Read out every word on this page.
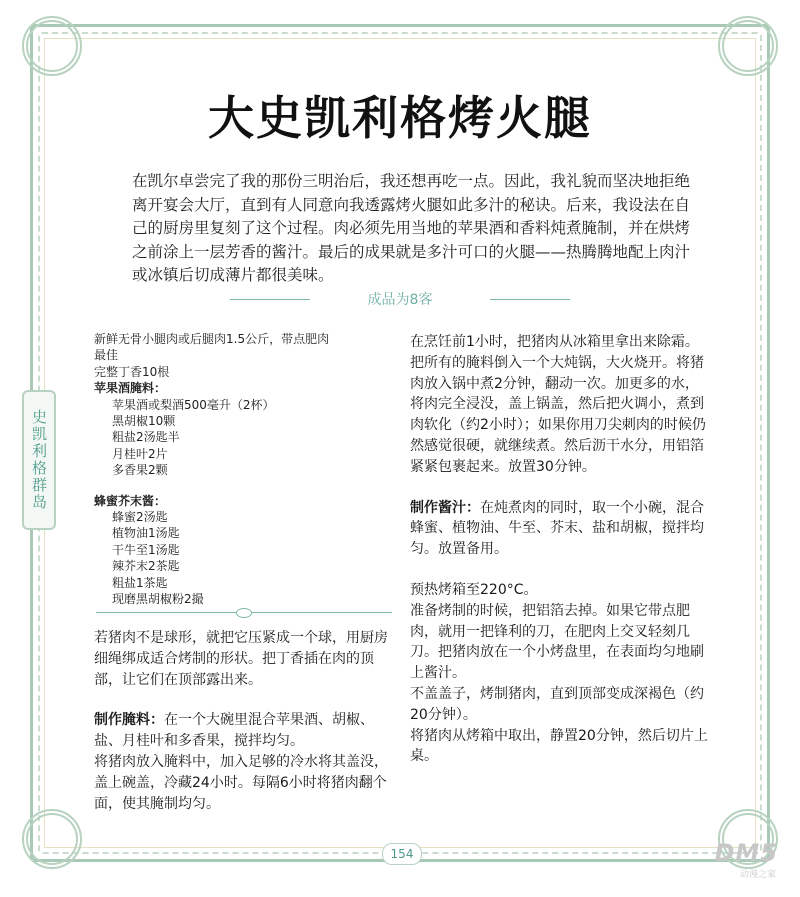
史凯利格群岛
大史凯利格烤火腿
在凯尔卓尝完了我的那份三明治后，我还想再吃一点。因此，我礼貌而坚决地拒绝离开宴会大厅，直到有人同意向我透露烤火腿如此多汁的秘诀。后来，我设法在自己的厨房里复刻了这个过程。肉必须先用当地的苹果酒和香料炖煮腌制，并在烘烤之前涂上一层芳香的酱汁。最后的成果就是多汁可口的火腿——热腾腾地配上肉汁或冰镇后切成薄片都很美味。
成品为8客
新鲜无骨小腿肉或后腿肉1.5公斤，带点肥肉
最佳
完整丁香10根
苹果酒腌料：
苹果酒或梨酒500毫升（2杯）
黑胡椒10颗
粗盐2汤匙半
月桂叶2片
多香果2颗
蜂蜜芥末酱：
蜂蜜2汤匙
植物油1汤匙
干牛至1汤匙
辣芥末2茶匙
粗盐1茶匙
现磨黑胡椒粉2撮

若猪肉不是球形，就把它压紧成一个球，用厨房细绳绑成适合烤制的形状。把丁香插在肉的顶部，让它们在顶部露出来。

制作腌料：在一个大碗里混合苹果酒、胡椒、盐、月桂叶和多香果，搅拌均匀。

将猪肉放入腌料中，加入足够的冷水将其盖没，盖上碗盖，冷藏24小时。每隔6小时将猪肉翻个面，使其腌制均匀。

在烹饪前1小时，把猪肉从冰箱里拿出来除霜。

把所有的腌料倒入一个大炖锅，大火烧开。将猪肉放入锅中煮2分钟，翻动一次。加更多的水，将肉完全浸没，盖上锅盖，然后把火调小，煮到肉软化（约2小时）；如果你用刀尖刺肉的时候仍然感觉很硬，就继续煮。然后沥干水分，用铝箔紧紧包裹起来。放置30分钟。

制作酱汁：在炖煮肉的同时，取一个小碗，混合蜂蜜、植物油、牛至、芥末、盐和胡椒，搅拌均匀。放置备用。

预热烤箱至220°C。

准备烤制的时候，把铝箔去掉。如果它带点肥肉，就用一把锋利的刀，在肥肉上交叉轻刻几刀。把猪肉放在一个小烤盘里，在表面均匀地刷上酱汁。

不盖盖子，烤制猪肉，直到顶部变成深褐色（约20分钟）。

将猪肉从烤箱中取出，静置20分钟，然后切片上桌。

154	DM5
动漫之家
